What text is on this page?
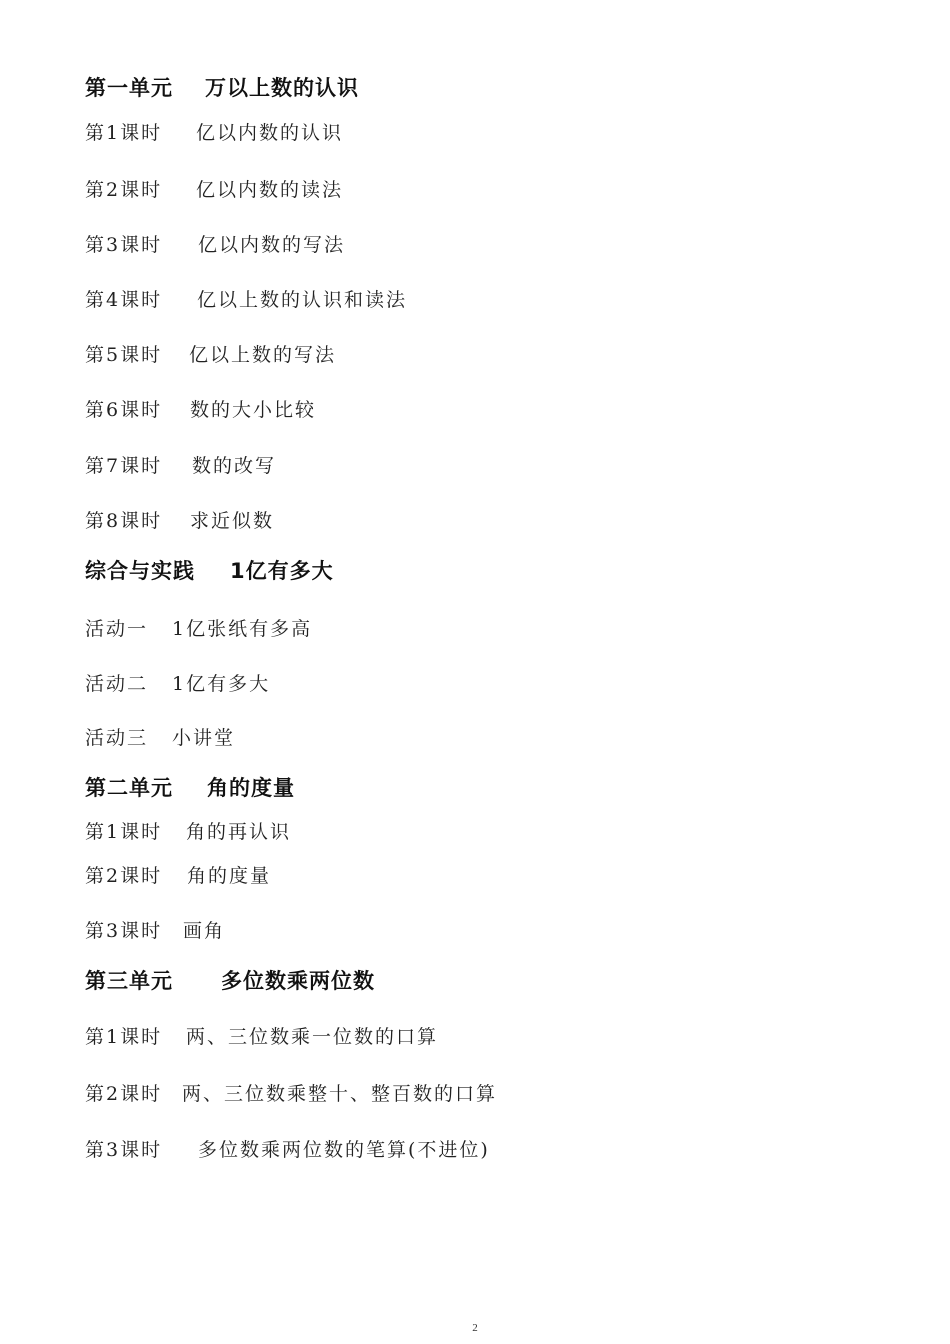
第一单元	万以上数的认识
第1课时	亿以内数的认识
第2课时	亿以内数的读法
第3课时	亿以内数的写法
第4课时	亿以上数的认识和读法
第5课时	亿以上数的写法
第6课时	数的大小比较
第7课时	数的改写
第8课时	求近似数
综合与实践	1亿有多大
活动一	1亿张纸有多高
活动二	1亿有多大
活动三	小讲堂
第二单元	角的度量
第1课时	角的再认识
第2课时	角的度量
第3课时	画角
第三单元	多位数乘两位数
第1课时	两、三位数乘一位数的口算
第2课时	两、三位数乘整十、整百数的口算
第3课时	多位数乘两位数的笔算(不进位)
2
